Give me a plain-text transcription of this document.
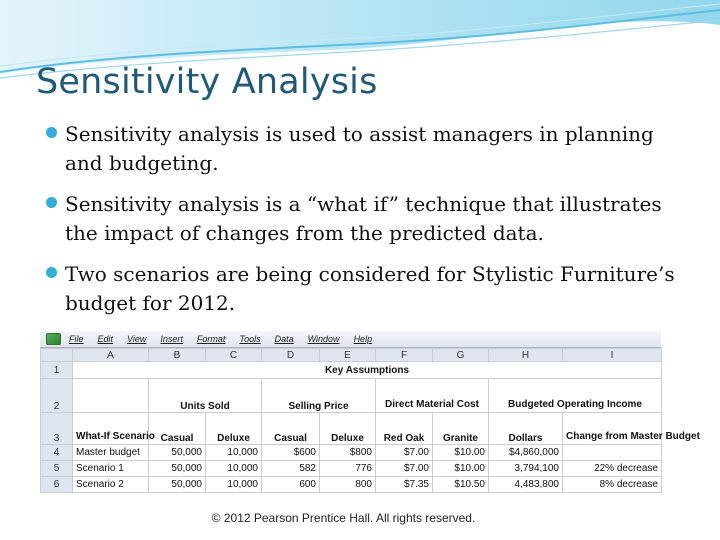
Sensitivity Analysis
Sensitivity analysis is used to assist managers in planning and budgeting.
Sensitivity analysis is a “what if” technique that illustrates the impact of changes from the predicted data.
Two scenarios are being considered for Stylistic Furniture’s budget for 2012.
File Edit View Insert Format Tools Data Window Help
	A	B	C	D	E	F	G	H	I
1	Key Assumptions								
2		Units Sold		Selling Price		Direct Material Cost		Budgeted Operating Income	
3	What-If Scenario	Casual	Deluxe	Casual	Deluxe	Red Oak	Granite	Dollars	Change from Master Budget
4	Master budget	50,000	10,000	$600	$800	$7.00	$10.00	$4,860,000	
5	Scenario 1	50,000	10,000	582	776	$7.00	$10.00	3,794,100	22% decrease
6	Scenario 2	50,000	10,000	600	800	$7.35	$10.50	4,483,800	8% decrease
© 2012 Pearson Prentice Hall. All rights reserved.
